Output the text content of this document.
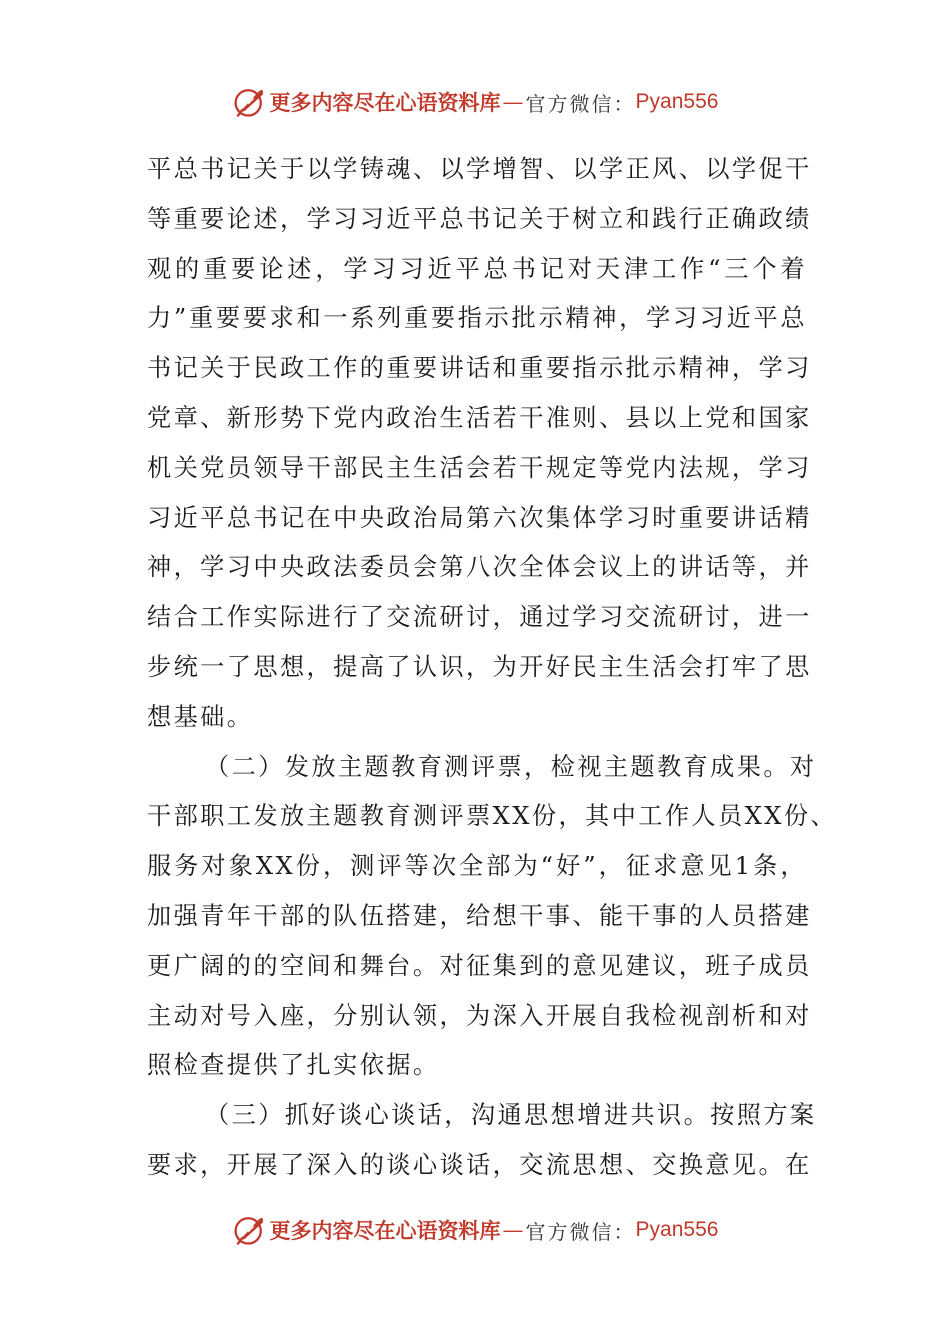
更多内容尽在心语资料库 — 官方微信： Pyan556
平总书记关于以学铸魂、以学增智、以学正风、以学促干
等重要论述，学习习近平总书记关于树立和践行正确政绩
观的重要论述，学习习近平总书记对天津工作“三个着
力”重要要求和一系列重要指示批示精神，学习习近平总
书记关于民政工作的重要讲话和重要指示批示精神，学习
党章、新形势下党内政治生活若干准则、县以上党和国家
机关党员领导干部民主生活会若干规定等党内法规，学习
习近平总书记在中央政治局第六次集体学习时重要讲话精
神，学习中央政法委员会第八次全体会议上的讲话等，并
结合工作实际进行了交流研讨，通过学习交流研讨，进一
步统一了思想，提高了认识，为开好民主生活会打牢了思
想基础。
（二）发放主题教育测评票，检视主题教育成果。对
干部职工发放主题教育测评票XX份，其中工作人员XX份、
服务对象XX份，测评等次全部为“好”，征求意见1条，
加强青年干部的队伍搭建，给想干事、能干事的人员搭建
更广阔的的空间和舞台。对征集到的意见建议，班子成员
主动对号入座，分别认领，为深入开展自我检视剖析和对
照检查提供了扎实依据。
（三）抓好谈心谈话，沟通思想增进共识。按照方案
要求，开展了深入的谈心谈话，交流思想、交换意见。在
更多内容尽在心语资料库 — 官方微信： Pyan556
